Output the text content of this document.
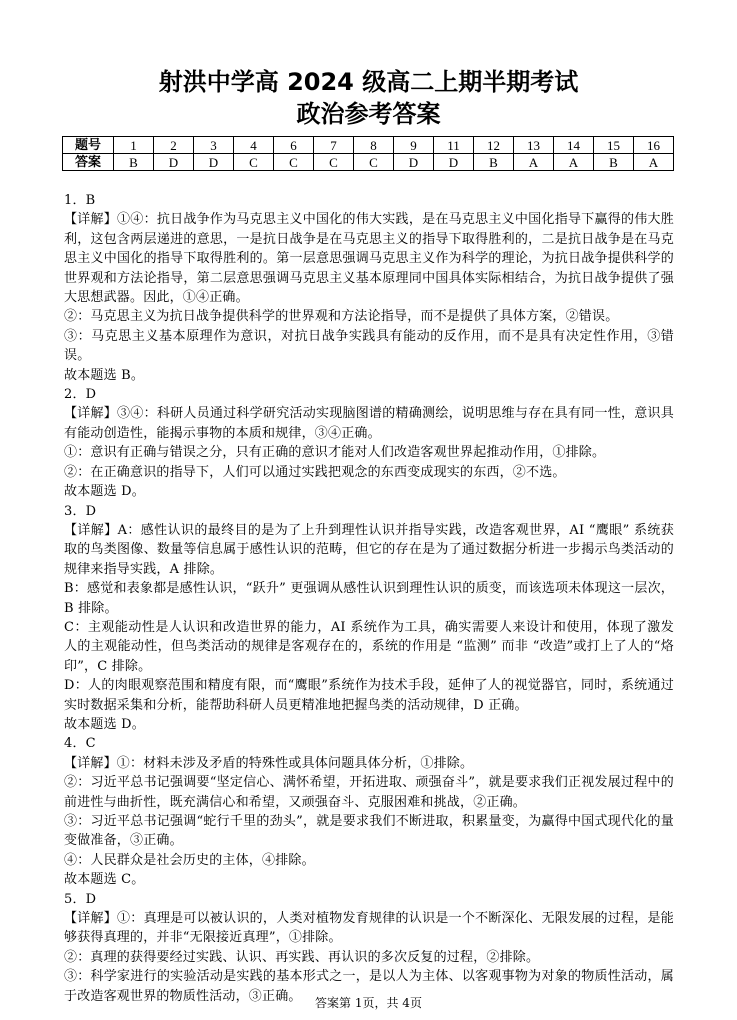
射洪中学高 2024 级高二上期半期考试
政治参考答案
题号	1	2	3	4	6	7	8	9	11	12	13	14	15	16
答案	B	D	D	C	C	C	C	D	D	B	A	A	B	A

1．B

【详解】①④：抗日战争作为马克思主义中国化的伟大实践，是在马克思主义中国化指导下赢得的伟大胜利，这包含两层递进的意思，一是抗日战争是在马克思主义的指导下取得胜利的，二是抗日战争是在马克思主义中国化的指导下取得胜利的。第一层意思强调马克思主义作为科学的理论，为抗日战争提供科学的世界观和方法论指导，第二层意思强调马克思主义基本原理同中国具体实际相结合，为抗日战争提供了强大思想武器。因此，①④正确。

②：马克思主义为抗日战争提供科学的世界观和方法论指导，而不是提供了具体方案，②错误。

③：马克思主义基本原理作为意识，对抗日战争实践具有能动的反作用，而不是具有决定性作用，③错误。

故本题选 B。

2．D

【详解】③④：科研人员通过科学研究活动实现脑图谱的精确测绘，说明思维与存在具有同一性，意识具有能动创造性，能揭示事物的本质和规律，③④正确。

①：意识有正确与错误之分，只有正确的意识才能对人们改造客观世界起推动作用，①排除。

②：在正确意识的指导下，人们可以通过实践把观念的东西变成现实的东西，②不选。

故本题选 D。

3．D

【详解】A：感性认识的最终目的是为了上升到理性认识并指导实践，改造客观世界，AI “鹰眼” 系统获取的鸟类图像、数量等信息属于感性认识的范畴，但它的存在是为了通过数据分析进一步揭示鸟类活动的规律来指导实践，A 排除。

B：感觉和表象都是感性认识，“跃升” 更强调从感性认识到理性认识的质变，而该选项未体现这一层次，B 排除。

C：主观能动性是人认识和改造世界的能力，AI 系统作为工具，确实需要人来设计和使用，体现了激发人的主观能动性，但鸟类活动的规律是客观存在的，系统的作用是 “监测” 而非 “改造”或打上了人的“烙印”，C 排除。

D：人的肉眼观察范围和精度有限，而“鹰眼”系统作为技术手段，延伸了人的视觉器官，同时，系统通过实时数据采集和分析，能帮助科研人员更精准地把握鸟类的活动规律，D 正确。

故本题选 D。

4．C

【详解】①：材料未涉及矛盾的特殊性或具体问题具体分析，①排除。

②：习近平总书记强调要“坚定信心、满怀希望，开拓进取、顽强奋斗”，就是要求我们正视发展过程中的前进性与曲折性，既充满信心和希望，又顽强奋斗、克服困难和挑战，②正确。

③：习近平总书记强调“蛇行千里的劲头”，就是要求我们不断进取，积累量变，为赢得中国式现代化的量变做准备，③正确。

④：人民群众是社会历史的主体，④排除。

故本题选 C。

5．D

【详解】①：真理是可以被认识的，人类对植物发育规律的认识是一个不断深化、无限发展的过程，是能够获得真理的，并非“无限接近真理”，①排除。

②：真理的获得要经过实践、认识、再实践、再认识的多次反复的过程，②排除。

③：科学家进行的实验活动是实践的基本形式之一，是以人为主体、以客观事物为对象的物质性活动，属于改造客观世界的物质性活动，③正确。	答案第 1页，共 4页
